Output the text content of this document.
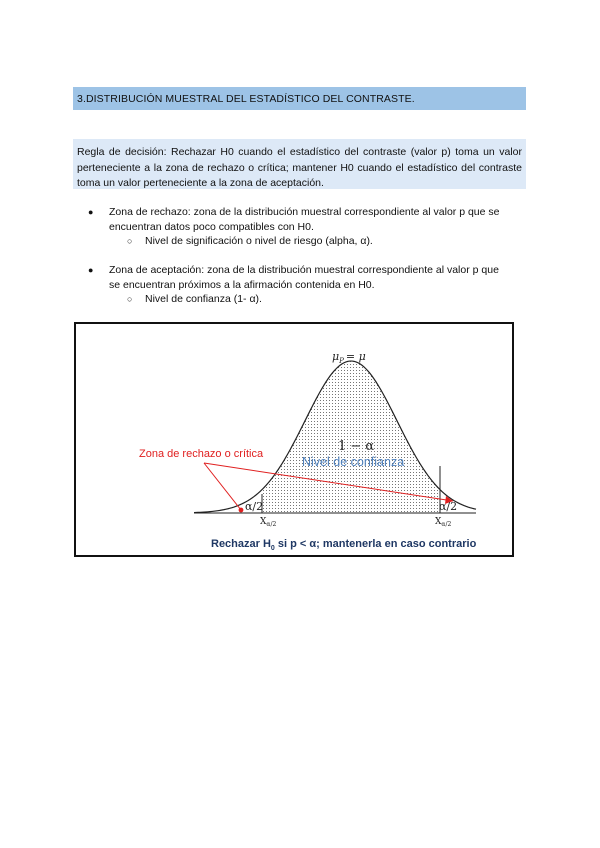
3.DISTRIBUCIÓN MUESTRAL DEL ESTADÍSTICO DEL CONTRASTE.
Regla de decisión: Rechazar H0 cuando el estadístico del contraste (valor p) toma un valor perteneciente a la zona de rechazo o crítica; mantener H0 cuando el estadístico del contraste toma un valor perteneciente a la zona de aceptación.
● Zona de rechazo: zona de la distribución muestral correspondiente al valor p que se
encuentran datos poco compatibles con H0.
○ Nivel de significación o nivel de riesgo (alpha, α).
● Zona de aceptación: zona de la distribución muestral correspondiente al valor p que
se encuentran próximos a la afirmación contenida en H0.
○ Nivel de confianza (1- α).
$\mu_P = \mu$
1 − α
Nivel de confianza
Zona de rechazo o crítica
α/2	α/2
$X_{\alpha/2}$	$X_{\alpha/2}$
Rechazar $H_0$ si p < α; mantenerla en caso contrario
